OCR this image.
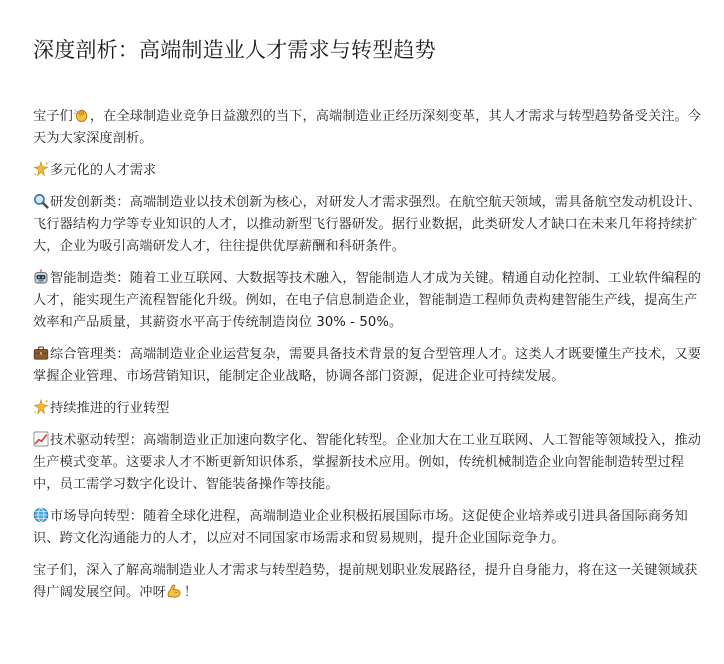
深度剖析：高端制造业人才需求与转型趋势

宝子们 ，在全球制造业竞争日益激烈的当下，高端制造业正经历深刻变革，其人才需求与转型趋势备受关注。今天为大家深度剖析。

多元化的人才需求

研发创新类：高端制造业以技术创新为核心，对研发人才需求强烈。在航空航天领域，需具备航空发动机设计、飞行器结构力学等专业知识的人才，以推动新型飞行器研发。据行业数据，此类研发人才缺口在未来几年将持续扩大，企业为吸引高端研发人才，往往提供优厚薪酬和科研条件。

智能制造类：随着工业互联网、大数据等技术融入，智能制造人才成为关键。精通自动化控制、工业软件编程的人才，能实现生产流程智能化升级。例如，在电子信息制造企业，智能制造工程师负责构建智能生产线，提高生产效率和产品质量，其薪资水平高于传统制造岗位 30% - 50%。

综合管理类：高端制造业企业运营复杂，需要具备技术背景的复合型管理人才。这类人才既要懂生产技术，又要掌握企业管理、市场营销知识，能制定企业战略，协调各部门资源，促进企业可持续发展。

持续推进的行业转型

技术驱动转型：高端制造业正加速向数字化、智能化转型。企业加大在工业互联网、人工智能等领域投入，推动生产模式变革。这要求人才不断更新知识体系，掌握新技术应用。例如，传统机械制造企业向智能制造转型过程中，员工需学习数字化设计、智能装备操作等技能。

市场导向转型：随着全球化进程，高端制造业企业积极拓展国际市场。这促使企业培养或引进具备国际商务知识、跨文化沟通能力的人才，以应对不同国家市场需求和贸易规则，提升企业国际竞争力。

宝子们，深入了解高端制造业人才需求与转型趋势，提前规划职业发展路径，提升自身能力，将在这一关键领域获得广阔发展空间。冲呀 ！
